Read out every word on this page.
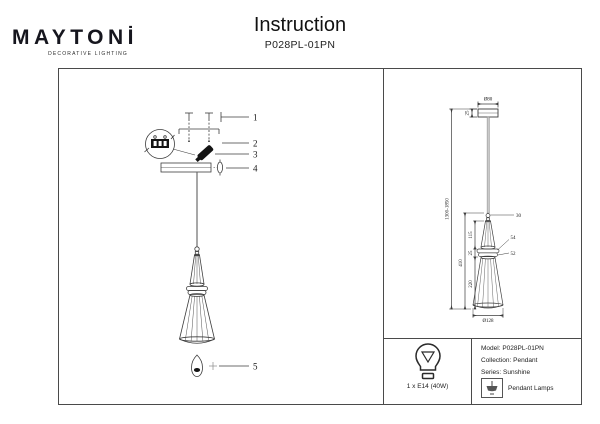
MAYTONİ
DECORATIVE LIGHTING
Instruction
P028PL-01PN
1
2
3
4
5
Ø80
25
1300-1850
410
115
25
220
30
54
52
Ø128
1 x E14 (40W)
Model: P028PL-01PN
Collection: Pendant
Series: Sunshine
Pendant Lamps
